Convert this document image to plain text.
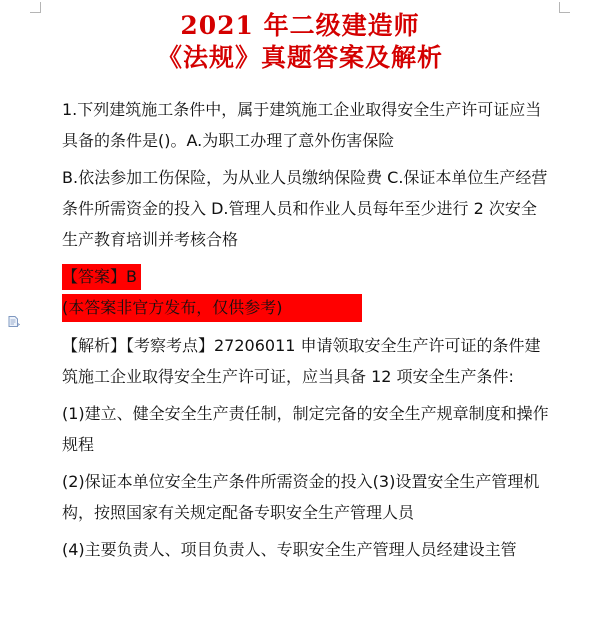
2021 年二级建造师
《法规》真题答案及解析

1.下列建筑施工条件中，属于建筑施工企业取得安全生产许可证应当具备的条件是()。A.为职工办理了意外伤害保险

B.依法参加工伤保险，为从业人员缴纳保险费 C.保证本单位生产经营条件所需资金的投入 D.管理人员和作业人员每年至少进行 2 次安全生产教育培训并考核合格

【答案】B
(本答案非官方发布，仅供参考)

【解析】【考察考点】27206011 申请领取安全生产许可证的条件建筑施工企业取得安全生产许可证，应当具备 12 项安全生产条件:

(1)建立、健全安全生产责任制，制定完备的安全生产规章制度和操作规程

(2)保证本单位安全生产条件所需资金的投入(3)设置安全生产管理机构，按照国家有关规定配备专职安全生产管理人员

(4)主要负责人、项目负责人、专职安全生产管理人员经建设主管
